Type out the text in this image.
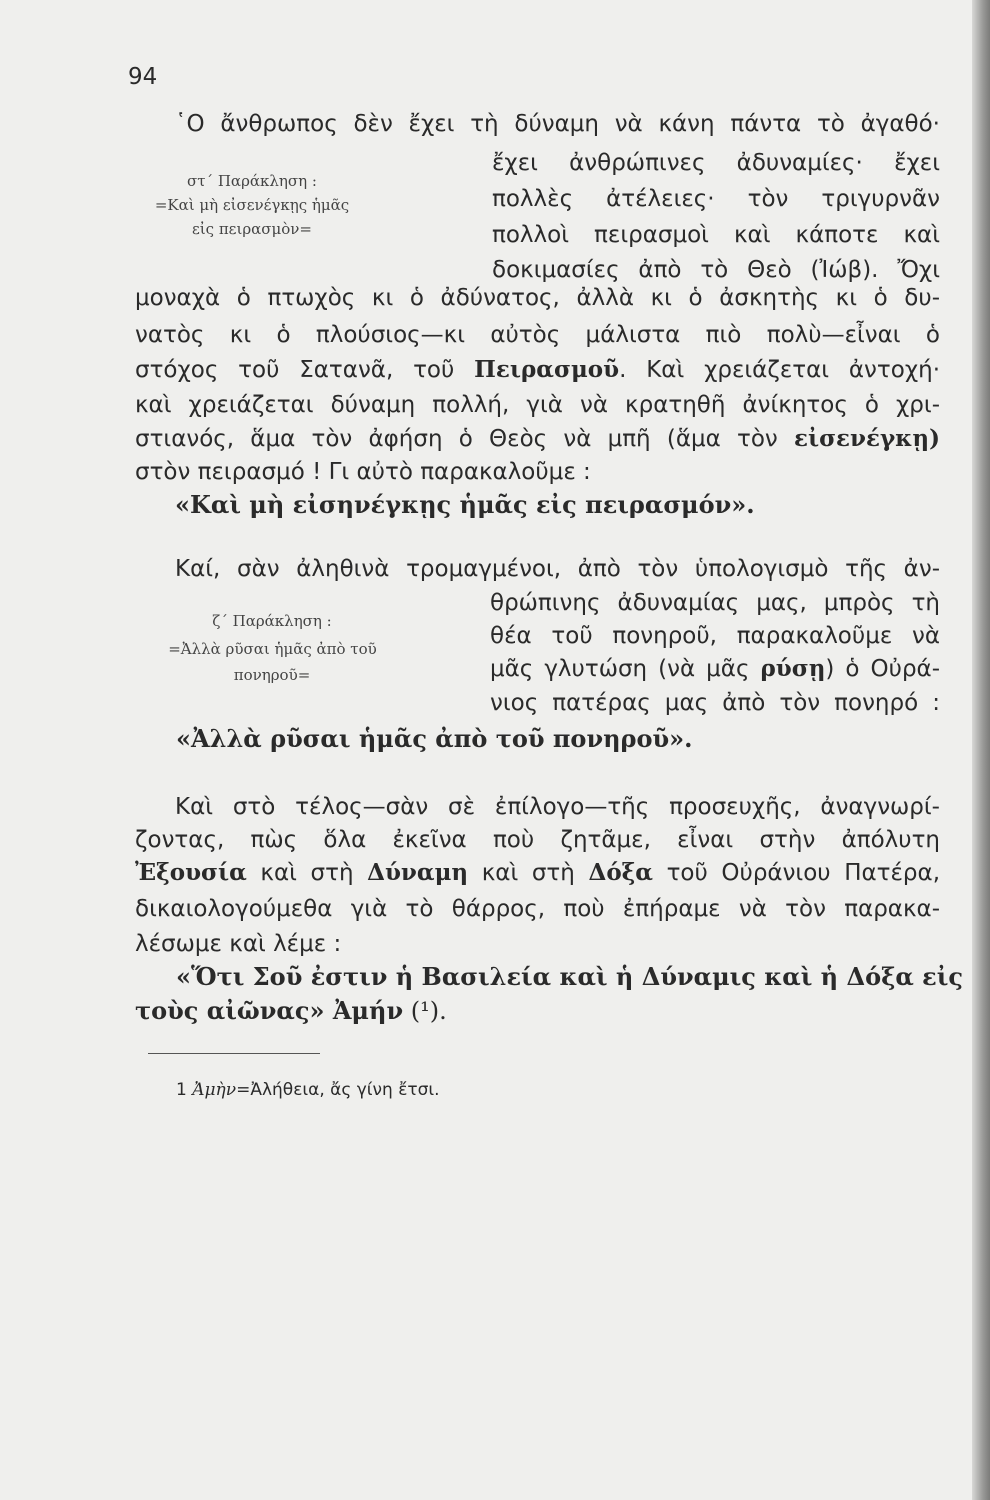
94
στ΄ Παράκληση :
=Καὶ μὴ εἰσενέγκῃς ἡμᾶς
εἰς πειρασμὸν=
῾Ο ἄνθρωπος δὲν ἔχει τὴ δύναμη νὰ κάνη πάντα τὸ ἀγαθό·
ἔχει ἀνθρώπινες ἀδυναμίες· ἔχει
πολλὲς ἀτέλειες· τὸν τριγυρνᾶν
πολλοὶ πειρασμοὶ καὶ κάποτε καὶ
δοκιμασίες ἀπὸ τὸ Θεὸ (Ἰώβ). Ὄχι
μοναχὰ ὁ πτωχὸς κι ὁ ἀδύνατος, ἀλλὰ κι ὁ ἀσκητὴς κι ὁ δυ-
νατὸς κι ὁ πλούσιος—κι αὐτὸς μάλιστα πιὸ πολὺ—εἶναι ὁ
στόχος τοῦ Σατανᾶ, τοῦ Πειρασμοῦ. Καὶ χρειάζεται ἀντοχή·
καὶ χρειάζεται δύναμη πολλή, γιὰ νὰ κρατηθῆ ἀνίκητος ὁ χρι-
στιανός, ἅμα τὸν ἀφήση ὁ Θεὸς νὰ μπῆ (ἅμα τὸν εἰσενέγκῃ)
στὸν πειρασμό ! Γι αὐτὸ παρακαλοῦμε :
«Καὶ μὴ εἰσηνέγκῃς ἡμᾶς εἰς πειρασμόν».
ζ΄ Παράκληση :
=Ἀλλὰ ρῦσαι ἡμᾶς ἀπὸ τοῦ
πονηροῦ=
Καί, σὰν ἀληθινὰ τρομαγμένοι, ἀπὸ τὸν ὑπολογισμὸ τῆς ἀν-
θρώπινης ἀδυναμίας μας, μπρὸς τὴ
θέα τοῦ πονηροῦ, παρακαλοῦμε νὰ
μᾶς γλυτώση (νὰ μᾶς ρύσῃ) ὁ Οὐρά-
νιος πατέρας μας ἀπὸ τὸν πονηρό :
«Ἀλλὰ ρῦσαι ἡμᾶς ἀπὸ τοῦ πονηροῦ».
Καὶ στὸ τέλος—σὰν σὲ ἐπίλογο—τῆς προσευχῆς, ἀναγνωρί-
ζοντας, πὼς ὅλα ἐκεῖνα ποὺ ζητᾶμε, εἶναι στὴν ἀπόλυτη
Ἐξουσία καὶ στὴ Δύναμη καὶ στὴ Δόξα τοῦ Οὐράνιου Πατέρα,
δικαιολογούμεθα γιὰ τὸ θάρρος, ποὺ ἐπήραμε νὰ τὸν παρακα-
λέσωμε καὶ λέμε :
«Ὅτι Σοῦ ἐστιν ἡ Βασιλεία καὶ ἡ Δύναμις καὶ ἡ Δόξα εἰς
τοὺς αἰῶνας» Ἀμήν (¹).
1 Ἀμὴν=Ἀλήθεια, ἄς γίνη ἔτσι.
